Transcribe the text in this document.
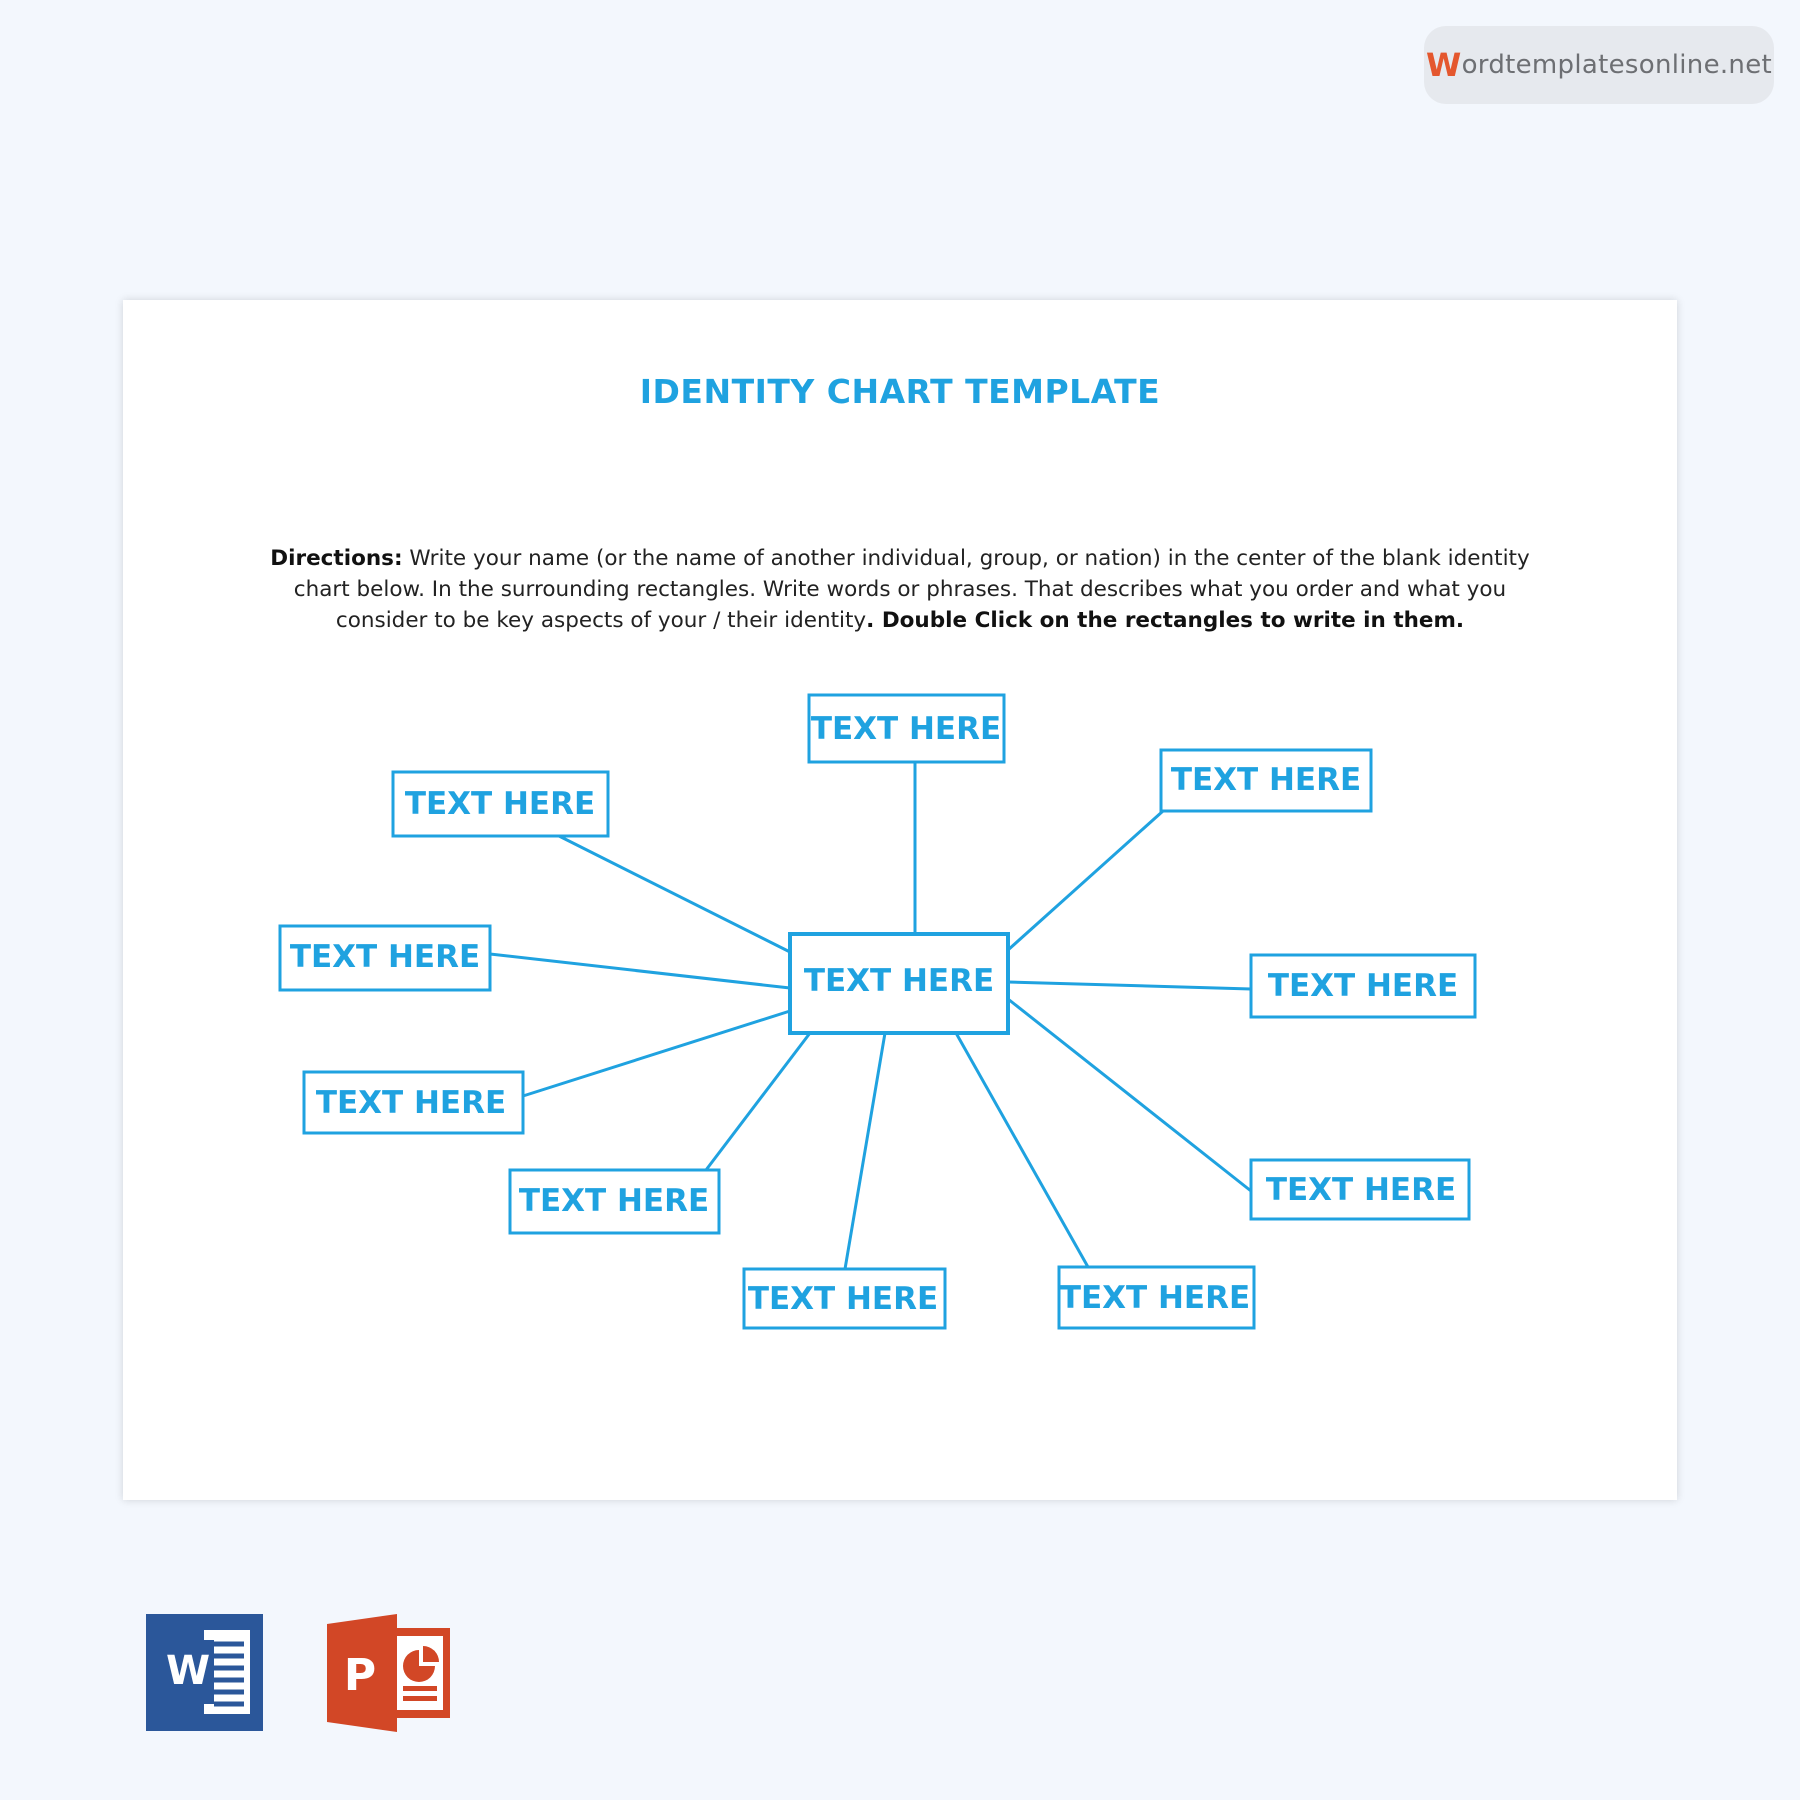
W ordtemplatesonline.net
IDENTITY CHART TEMPLATE
Directions: Write your name (or the name of another individual, group, or nation) in the center of the blank identity chart below. In the surrounding rectangles. Write words or phrases. That describes what you order and what you consider to be key aspects of your / their identity. Double Click on the rectangles to write in them.
TEXT HERE
TEXT HERE
TEXT HERE
TEXT HERE
TEXT HERE
TEXT HERE
TEXT HERE
TEXT HERE	TEXT HERE
TEXT HERE	TEXT HERE
W	P
